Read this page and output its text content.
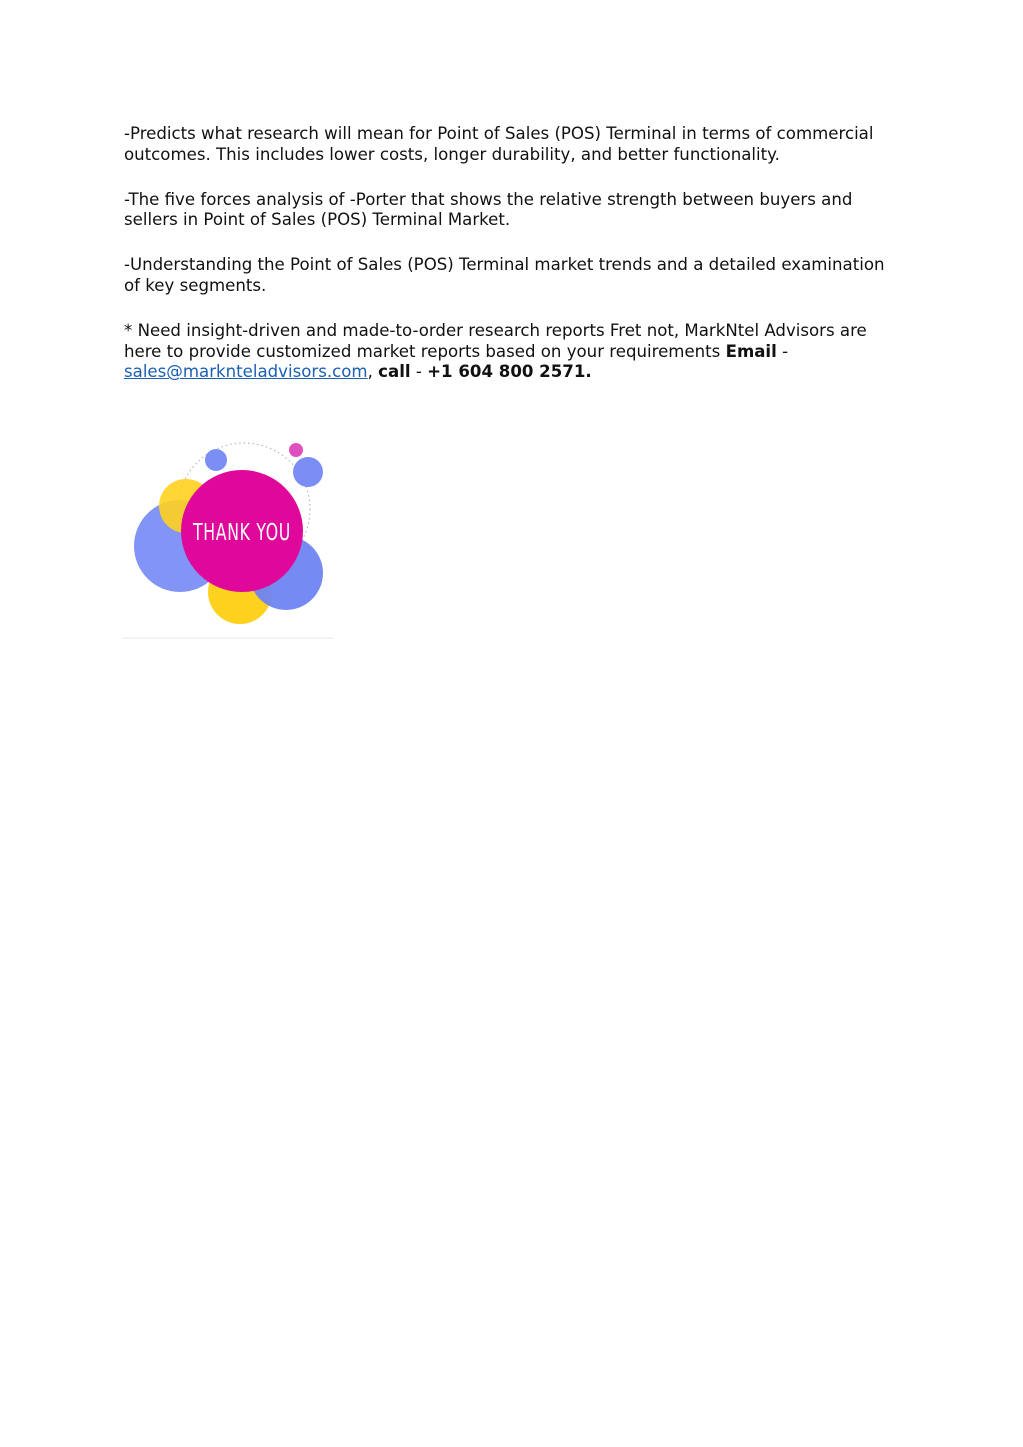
-Predicts what research will mean for Point of Sales (POS) Terminal in terms of commercial outcomes. This includes lower costs, longer durability, and better functionality.

-The five forces analysis of -Porter that shows the relative strength between buyers and sellers in Point of Sales (POS) Terminal Market.

-Understanding the Point of Sales (POS) Terminal market trends and a detailed examination of key segments.

* Need insight-driven and made-to-order research reports Fret not, MarkNtel Advisors are here to provide customized market reports based on your requirements Email - sales@marknteladvisors.com, call - +1 604 800 2571.

THANK YOU
